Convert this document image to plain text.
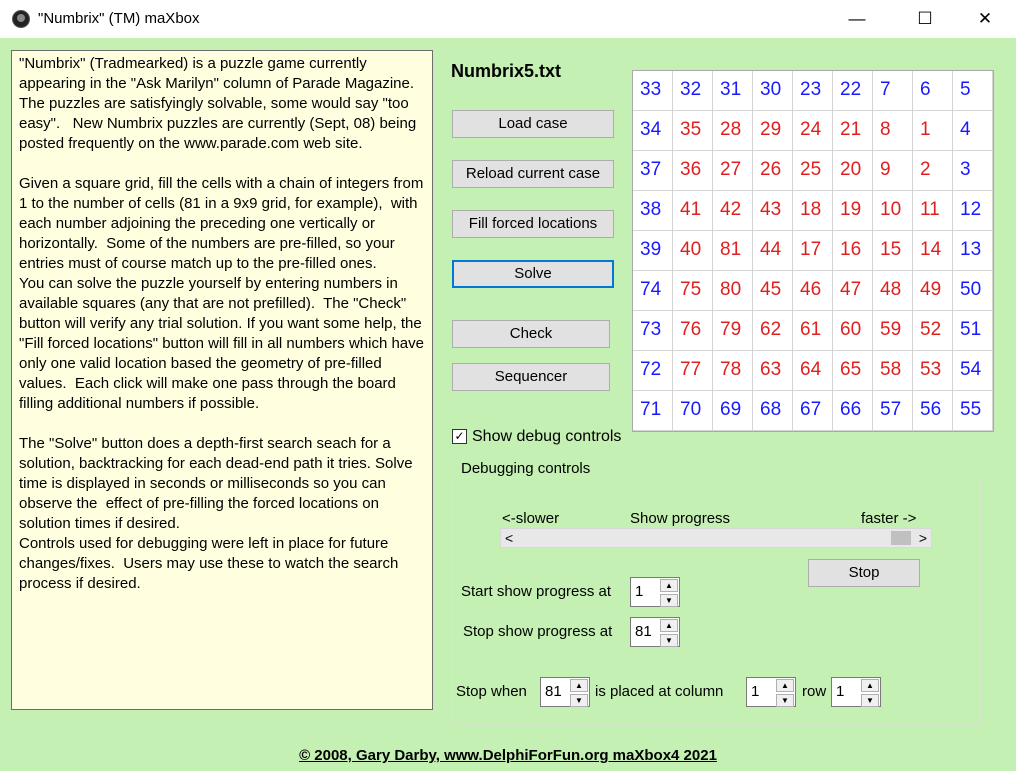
"Numbrix" (TM) maXbox	—	☐	✕

"Numbrix" (Tradmearked) is a puzzle game currently appearing in the "Ask Marilyn" column of Parade Magazine.  The puzzles are satisfyingly solvable, some would say "too easy".   New Numbrix puzzles are currently (Sept, 08) being posted frequently on the www.parade.com web site.

Given a square grid, fill the cells with a chain of integers from 1 to the number of cells (81 in a 9x9 grid, for example),  with each number adjoining the preceding one vertically or horizontally.  Some of the numbers are pre-filled, so your entries must of course match up to the pre-filled ones.

You can solve the puzzle yourself by entering numbers in available squares (any that are not prefilled).  The "Check" button will verify any trial solution. If you want some help, the "Fill forced locations" button will fill in all numbers which have only one valid location based the geometry of pre-filled values.  Each click will make one pass through the board filling additional numbers if possible.

The "Solve" button does a depth-first search seach for a solution, backtracking for each dead-end path it tries. Solve time is displayed in seconds or milliseconds so you can observe the  effect of pre-filling the forced locations on solution times if desired.

Controls used for debugging were left in place for future changes/fixes.  Users may use these to watch the search process if desired.

Numbrix5.txt
Load case
Reload current case
Fill forced locations
Solve
Check
Sequencer
33 32 31 30 23 22 7	6	5
34 35 28 29 24 21 8	1	4
37 36 27 26 25 20 9	2	3
38 41 42 43 18 19 10 11	12
39 40 81 44 17 16 15 14 13
74 75 80 45 46 47 48 49 50
73 76 79 62 61 60 59 52 51
72 77 78 63 64 65 58 53 54
71 70 69 68 67 66 57 56 55
✓ Show debug controls
Debugging controls
<-slower	Show progress	faster ->
<	>
Stop
Start show progress at 1	▲
▼
Stop show progress at 81	▲
▼
Stop when 81	▲
▼
is placed at column 1	▲
▼
row 1	▲
▼
© 2008, Gary Darby, www.DelphiForFun.org maXbox4 2021
